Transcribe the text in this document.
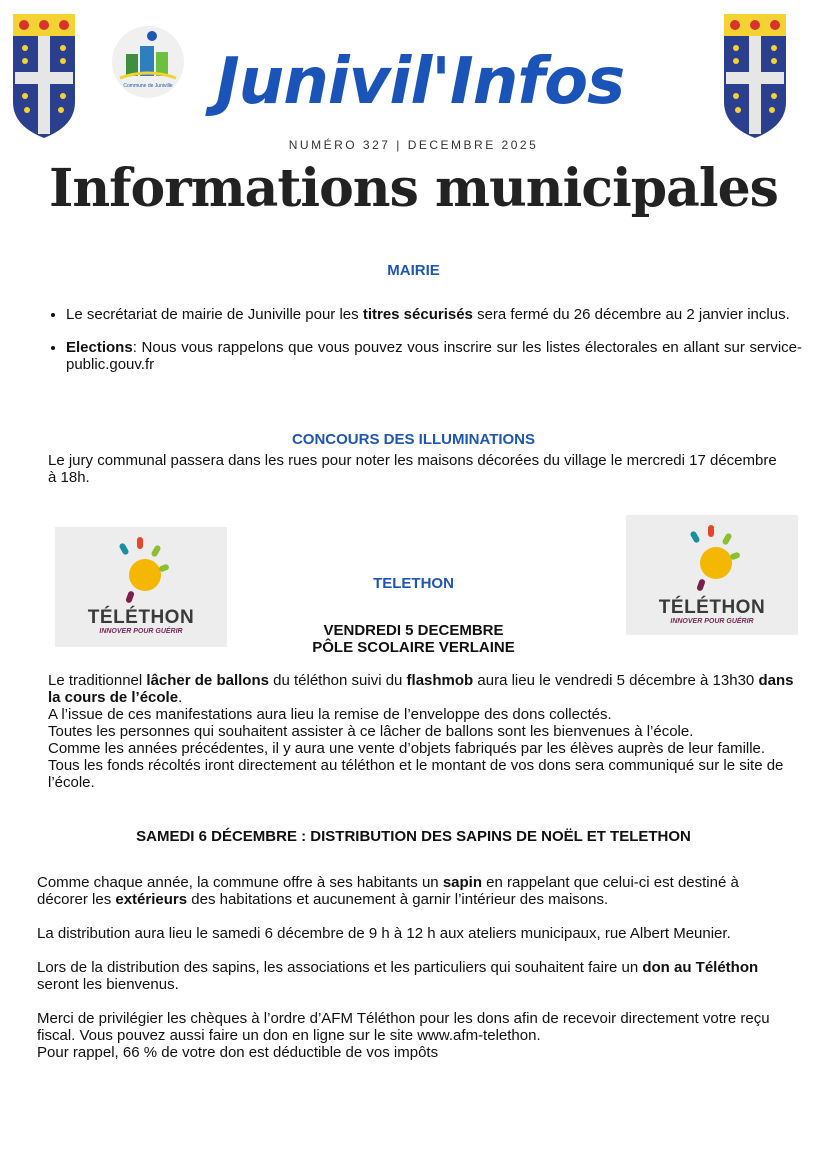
Commune de Juniville Junivil'Infos
NUMÉRO 327 | DECEMBRE 2025
Informations municipales
MAIRIE
• Le secrétariat de mairie de Juniville pour les titres sécurisés sera fermé du 26 décembre au 2 janvier inclus.
• Elections: Nous vous rappelons que vous pouvez vous inscrire sur les listes électorales en allant sur service-public.gouv.fr
CONCOURS DES ILLUMINATIONS
Le jury communal passera dans les rues pour noter les maisons décorées du village le mercredi 17 décembre à 18h.
TÉLÉTHON
INNOVER POUR GUÉRIR
TÉLÉTHON
INNOVER POUR GUÉRIR
TELETHON
VENDREDI 5 DECEMBRE
PÔLE SCOLAIRE VERLAINE
Le traditionnel lâcher de ballons du téléthon suivi du flashmob aura lieu le vendredi 5 décembre à 13h30 dans la cours de l’école.
A l’issue de ces manifestations aura lieu la remise de l’enveloppe des dons collectés.
Toutes les personnes qui souhaitent assister à ce lâcher de ballons sont les bienvenues à l’école.
Comme les années précédentes, il y aura une vente d’objets fabriqués par les élèves auprès de leur famille.
Tous les fonds récoltés iront directement au téléthon et le montant de vos dons sera communiqué sur le site de l’école.
SAMEDI 6 DÉCEMBRE : DISTRIBUTION DES SAPINS DE NOËL ET TELETHON
Comme chaque année, la commune offre à ses habitants un sapin en rappelant que celui-ci est destiné à décorer les extérieurs des habitations et aucunement à garnir l’intérieur des maisons.
La distribution aura lieu le samedi 6 décembre de 9 h à 12 h aux ateliers municipaux, rue Albert Meunier.
Lors de la distribution des sapins, les associations et les particuliers qui souhaitent faire un don au Téléthon seront les bienvenus.
Merci de privilégier les chèques à l’ordre d’AFM Téléthon pour les dons afin de recevoir directement votre reçu fiscal. Vous pouvez aussi faire un don en ligne sur le site www.afm-telethon.
Pour rappel, 66 % de votre don est déductible de vos impôts
